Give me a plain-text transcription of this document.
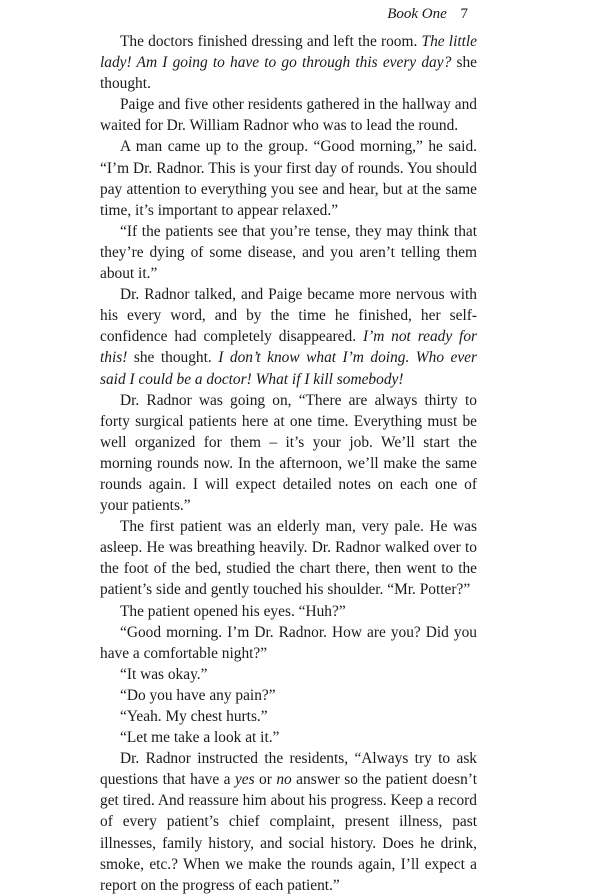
Book One 7

The doctors finished dressing and left the room. The little lady! Am I going to have to go through this every day? she thought.

Paige and five other residents gathered in the hallway and waited for Dr. William Radnor who was to lead the round.

A man came up to the group. “Good morning,” he said. “I’m Dr. Radnor. This is your first day of rounds. You should pay attention to everything you see and hear, but at the same time, it’s important to appear relaxed.”

“If the patients see that you’re tense, they may think that they’re dying of some disease, and you aren’t telling them about it.”

Dr. Radnor talked, and Paige became more nervous with his every word, and by the time he finished, her self-confidence had completely disappeared. I’m not ready for this! she thought. I don’t know what I’m doing. Who ever said I could be a doctor! What if I kill somebody!

Dr. Radnor was going on, “There are always thirty to forty surgical patients here at one time. Everything must be well organized for them – it’s your job. We’ll start the morning rounds now. In the afternoon, we’ll make the same rounds again. I will expect detailed notes on each one of your patients.”

The first patient was an elderly man, very pale. He was asleep. He was breathing heavily. Dr. Radnor walked over to the foot of the bed, studied the chart there, then went to the patient’s side and gently touched his shoulder. “Mr. Potter?”

The patient opened his eyes. “Huh?”

“Good morning. I’m Dr. Radnor. How are you? Did you have a comfortable night?”

“It was okay.”

“Do you have any pain?”

“Yeah. My chest hurts.”

“Let me take a look at it.”

Dr. Radnor instructed the residents, “Always try to ask questions that have a yes or no answer so the patient doesn’t get tired. And reassure him about his progress. Keep a record of every patient’s chief complaint, present illness, past illnesses, family history, and social history. Does he drink, smoke, etc.? When we make the rounds again, I’ll expect a report on the progress of each patient.”
